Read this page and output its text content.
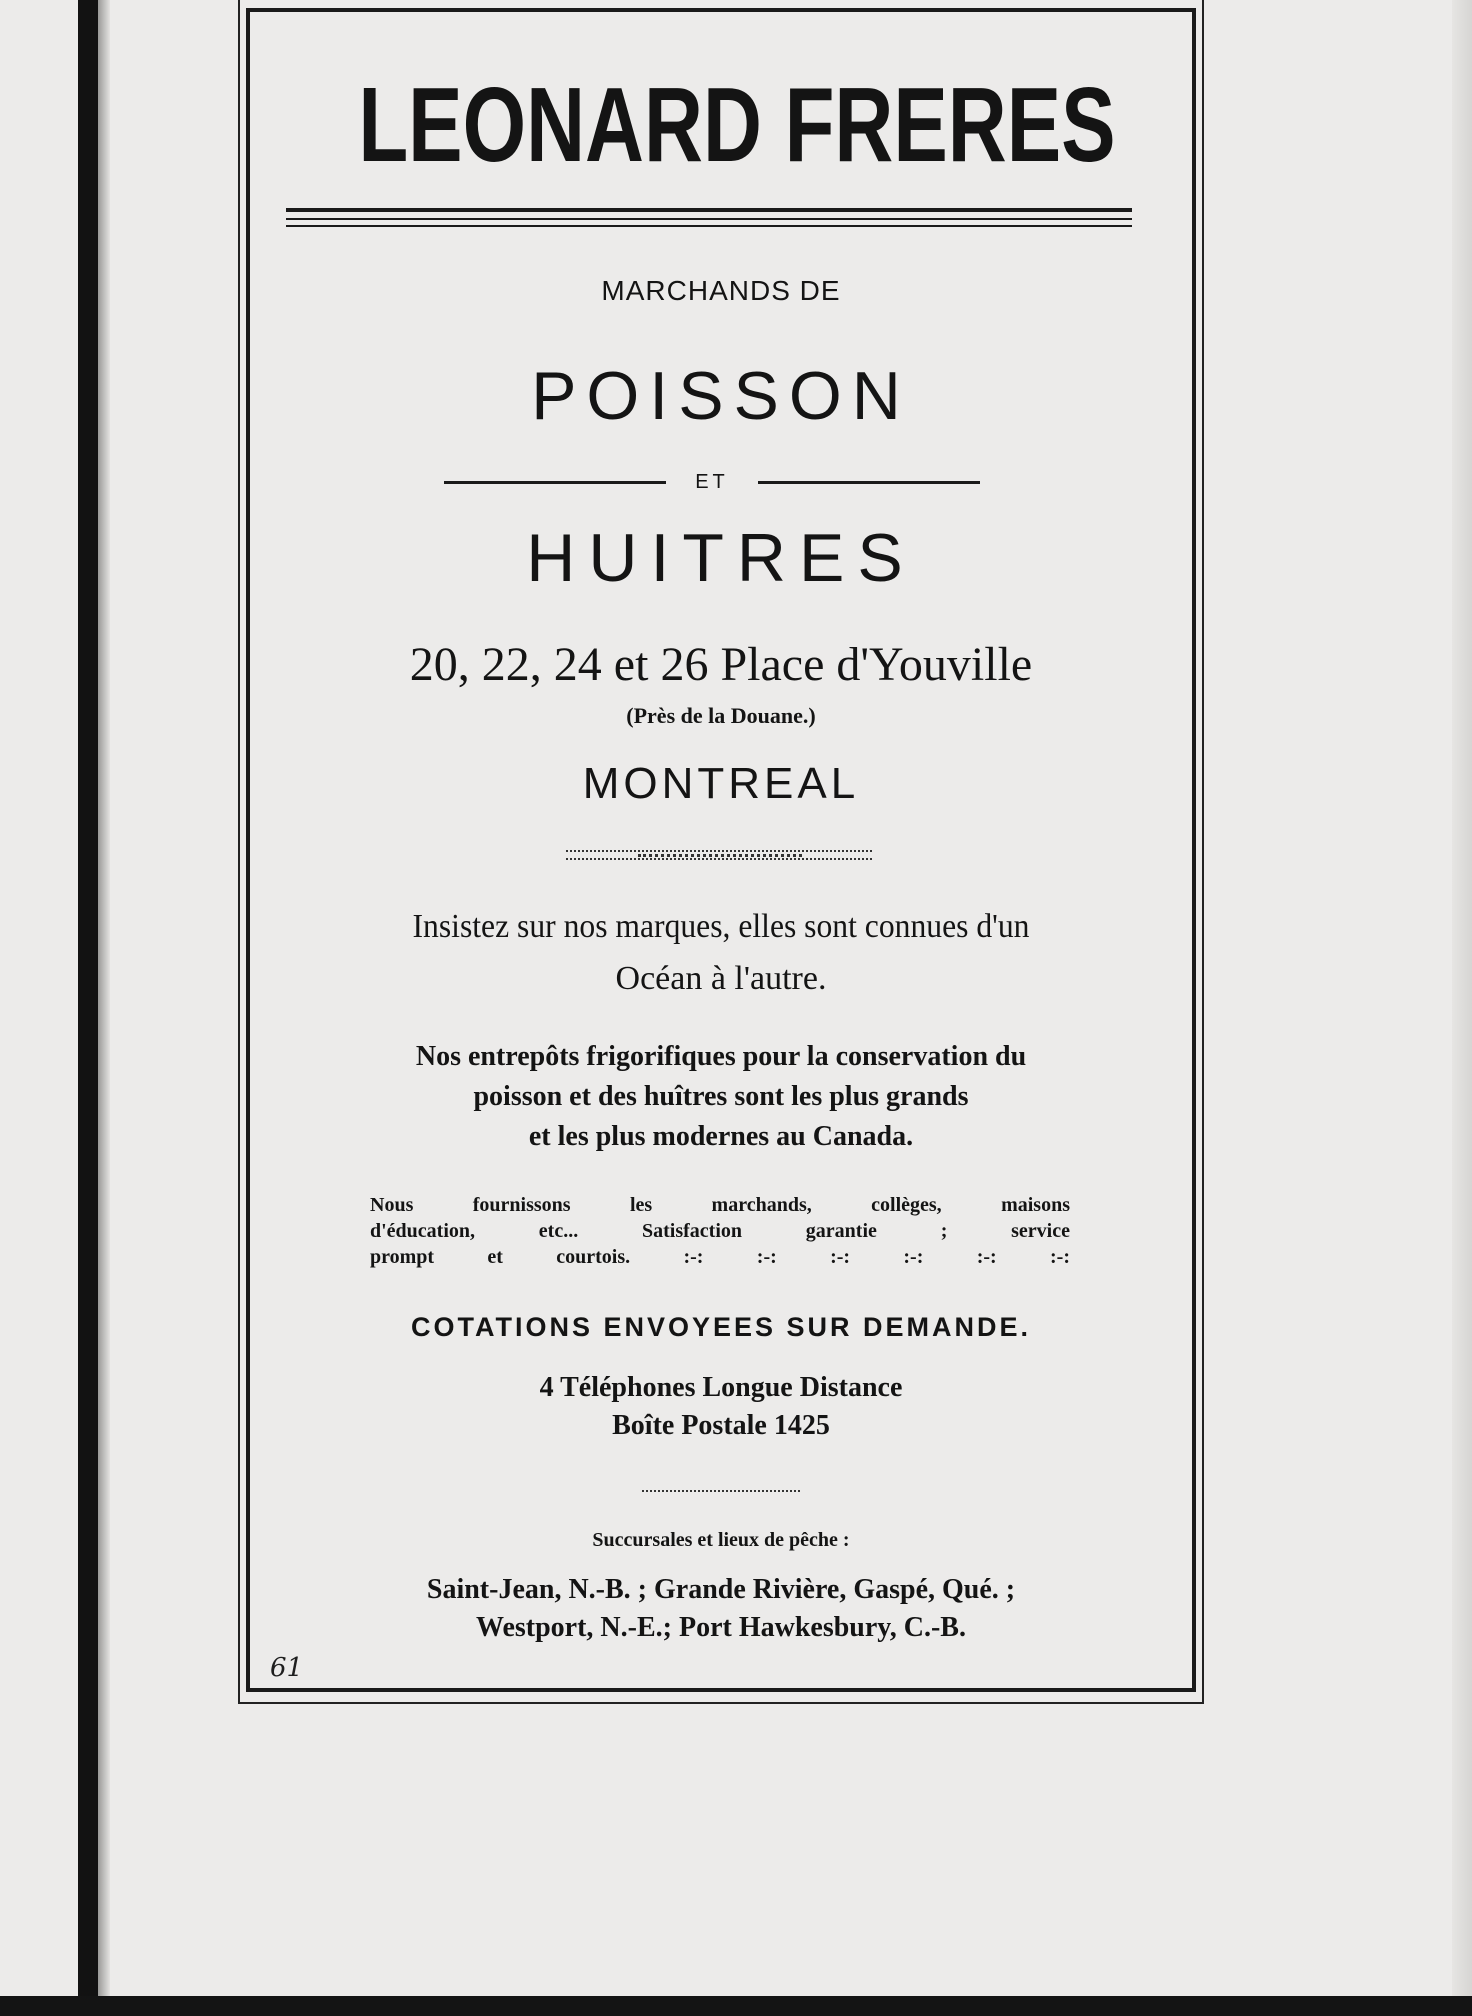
LEONARD FRERES
MARCHANDS DE
POISSON
ET
HUITRES
20, 22, 24 et 26 Place d'Youville
(Près de la Douane.)
MONTREAL
Insistez sur nos marques, elles sont connues d'un
Océan à l'autre.
Nos entrepôts frigorifiques pour la conservation du
poisson et des huîtres sont les plus grands
et les plus modernes au Canada.
Nous fournissons les marchands, collèges, maisons
d'éducation, etc... Satisfaction garantie ; service
prompt et courtois. :-: :-: :-: :-: :-: :-:
COTATIONS ENVOYEES SUR DEMANDE.
4 Téléphones Longue Distance
Boîte Postale 1425
Succursales et lieux de pêche :
Saint-Jean, N.-B. ; Grande Rivière, Gaspé, Qué. ;
Westport, N.-E.; Port Hawkesbury, C.-B.
61
